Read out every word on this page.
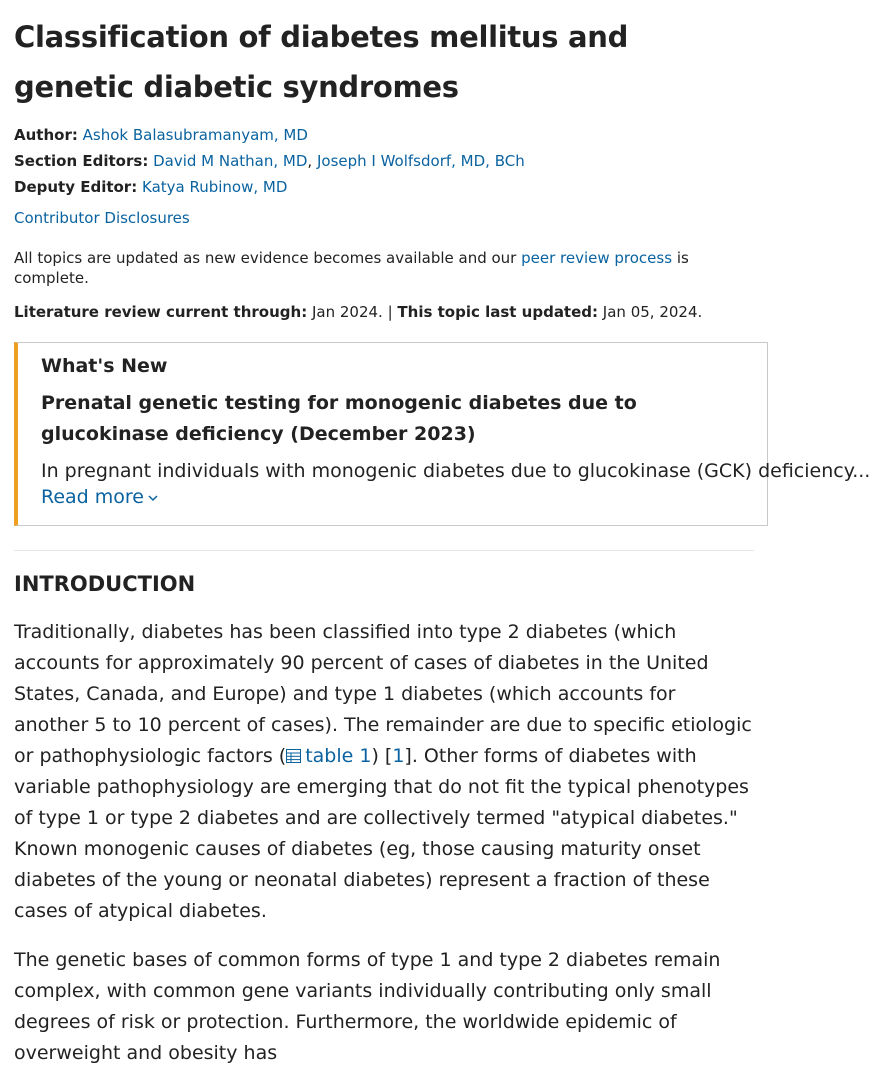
Classification of diabetes mellitus and genetic diabetic syndromes
Author: Ashok Balasubramanyam, MD
Section Editors: David M Nathan, MD, Joseph I Wolfsdorf, MD, BCh
Deputy Editor: Katya Rubinow, MD
Contributor Disclosures
All topics are updated as new evidence becomes available and our peer review process is complete.
Literature review current through: Jan 2024. | This topic last updated: Jan 05, 2024.
What's New
Prenatal genetic testing for monogenic diabetes due to glucokinase deficiency (December 2023)
In pregnant individuals with monogenic diabetes due to glucokinase (GCK) deficiency...
Read more
INTRODUCTION

Traditionally, diabetes has been classified into type 2 diabetes (which accounts for approximately 90 percent of cases of diabetes in the United States, Canada, and Europe) and type 1 diabetes (which accounts for another 5 to 10 percent of cases). The remainder are due to specific etiologic or pathophysiologic factors ( table 1) [1]. Other forms of diabetes with variable pathophysiology are emerging that do not fit the typical phenotypes of type 1 or type 2 diabetes and are collectively termed "atypical diabetes." Known monogenic causes of diabetes (eg, those causing maturity onset diabetes of the young or neonatal diabetes) represent a fraction of these cases of atypical diabetes.

The genetic bases of common forms of type 1 and type 2 diabetes remain complex, with common gene variants individually contributing only small degrees of risk or protection. Furthermore, the worldwide epidemic of overweight and obesity has
